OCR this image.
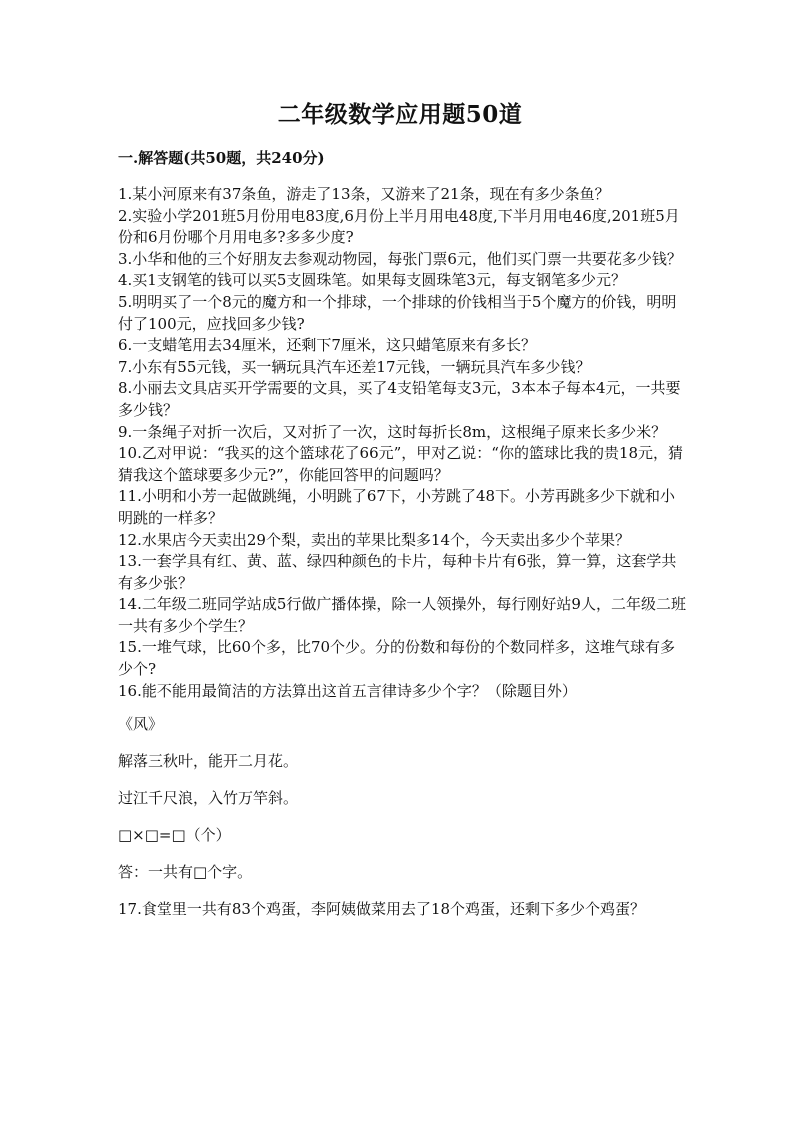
二年级数学应用题50道
一.解答题(共50题，共240分)

1.某小河原来有37条鱼，游走了13条，又游来了21条，现在有多少条鱼？

2.实验小学201班5月份用电83度,6月份上半月用电48度,下半月用电46度,201班5月份和6月份哪个月用电多?多多少度?

3.小华和他的三个好朋友去参观动物园，每张门票6元，他们买门票一共要花多少钱？

4.买1支钢笔的钱可以买5支圆珠笔。如果每支圆珠笔3元，每支钢笔多少元？

5.明明买了一个8元的魔方和一个排球，一个排球的价钱相当于5个魔方的价钱，明明付了100元，应找回多少钱?

6.一支蜡笔用去34厘米，还剩下7厘米，这只蜡笔原来有多长？

7.小东有55元钱，买一辆玩具汽车还差17元钱，一辆玩具汽车多少钱？

8.小丽去文具店买开学需要的文具，买了4支铅笔每支3元，3本本子每本4元，一共要多少钱？

9.一条绳子对折一次后，又对折了一次，这时每折长8m，这根绳子原来长多少米？

10.乙对甲说：“我买的这个篮球花了66元”，甲对乙说：“你的篮球比我的贵18元，猜猜我这个篮球要多少元?”，你能回答甲的问题吗？

11.小明和小芳一起做跳绳，小明跳了67下，小芳跳了48下。小芳再跳多少下就和小明跳的一样多？

12.水果店今天卖出29个梨，卖出的苹果比梨多14个，今天卖出多少个苹果？

13.一套学具有红、黄、蓝、绿四种颜色的卡片，每种卡片有6张，算一算，这套学共有多少张？

14.二年级二班同学站成5行做广播体操，除一人领操外，每行刚好站9人，二年级二班一共有多少个学生？

15.一堆气球，比60个多，比70个少。分的份数和每份的个数同样多，这堆气球有多少个?

16.能不能用最简洁的方法算出这首五言律诗多少个字？（除题目外）

《风》

解落三秋叶，能开二月花。

过江千尺浪，入竹万竿斜。

□×□=□（个）

答：一共有□个字。

17.食堂里一共有83个鸡蛋，李阿姨做菜用去了18个鸡蛋，还剩下多少个鸡蛋？
